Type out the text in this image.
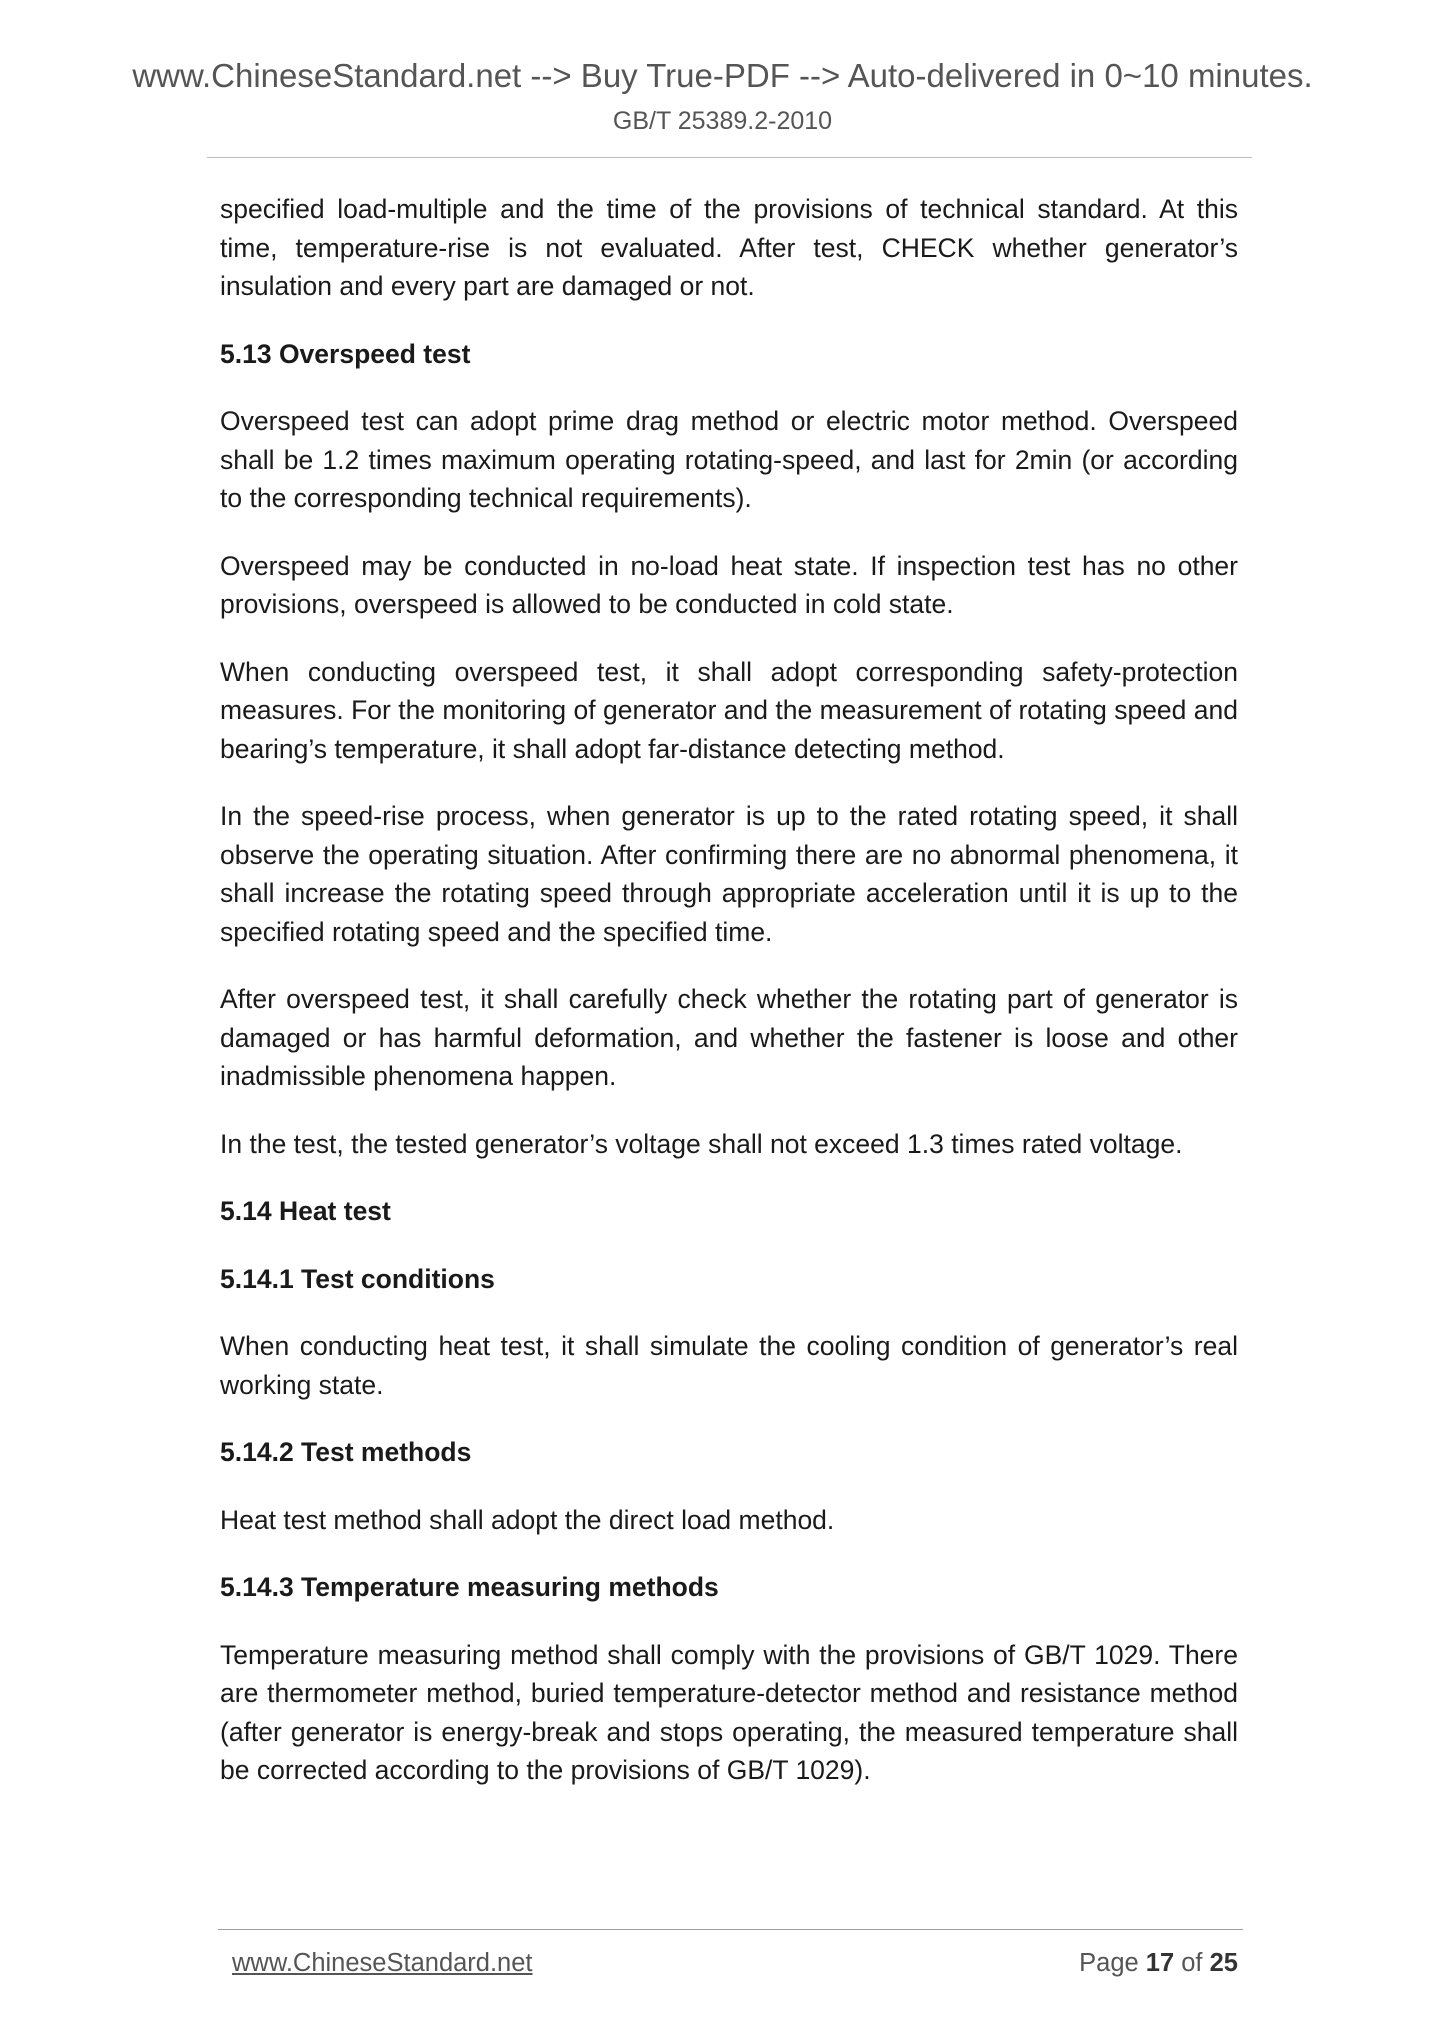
www.ChineseStandard.net --> Buy True-PDF --> Auto-delivered in 0~10 minutes.
GB/T 25389.2-2010

specified load-multiple and the time of the provisions of technical standard. At this time, temperature-rise is not evaluated. After test, CHECK whether generator’s insulation and every part are damaged or not.

5.13 Overspeed test

Overspeed test can adopt prime drag method or electric motor method. Overspeed shall be 1.2 times maximum operating rotating-speed, and last for 2min (or according to the corresponding technical requirements).

Overspeed may be conducted in no-load heat state. If inspection test has no other provisions, overspeed is allowed to be conducted in cold state.

When conducting overspeed test, it shall adopt corresponding safety-protection measures. For the monitoring of generator and the measurement of rotating speed and bearing’s temperature, it shall adopt far-distance detecting method.

In the speed-rise process, when generator is up to the rated rotating speed, it shall observe the operating situation. After confirming there are no abnormal phenomena, it shall increase the rotating speed through appropriate acceleration until it is up to the specified rotating speed and the specified time.

After overspeed test, it shall carefully check whether the rotating part of generator is damaged or has harmful deformation, and whether the fastener is loose and other inadmissible phenomena happen.

In the test, the tested generator’s voltage shall not exceed 1.3 times rated voltage.

5.14 Heat test
5.14.1 Test conditions

When conducting heat test, it shall simulate the cooling condition of generator’s real working state.

5.14.2 Test methods

Heat test method shall adopt the direct load method.

5.14.3 Temperature measuring methods

Temperature measuring method shall comply with the provisions of GB/T 1029. There are thermometer method, buried temperature-detector method and resistance method (after generator is energy-break and stops operating, the measured temperature shall be corrected according to the provisions of GB/T 1029).

www.ChineseStandard.net	Page 17 of 25
